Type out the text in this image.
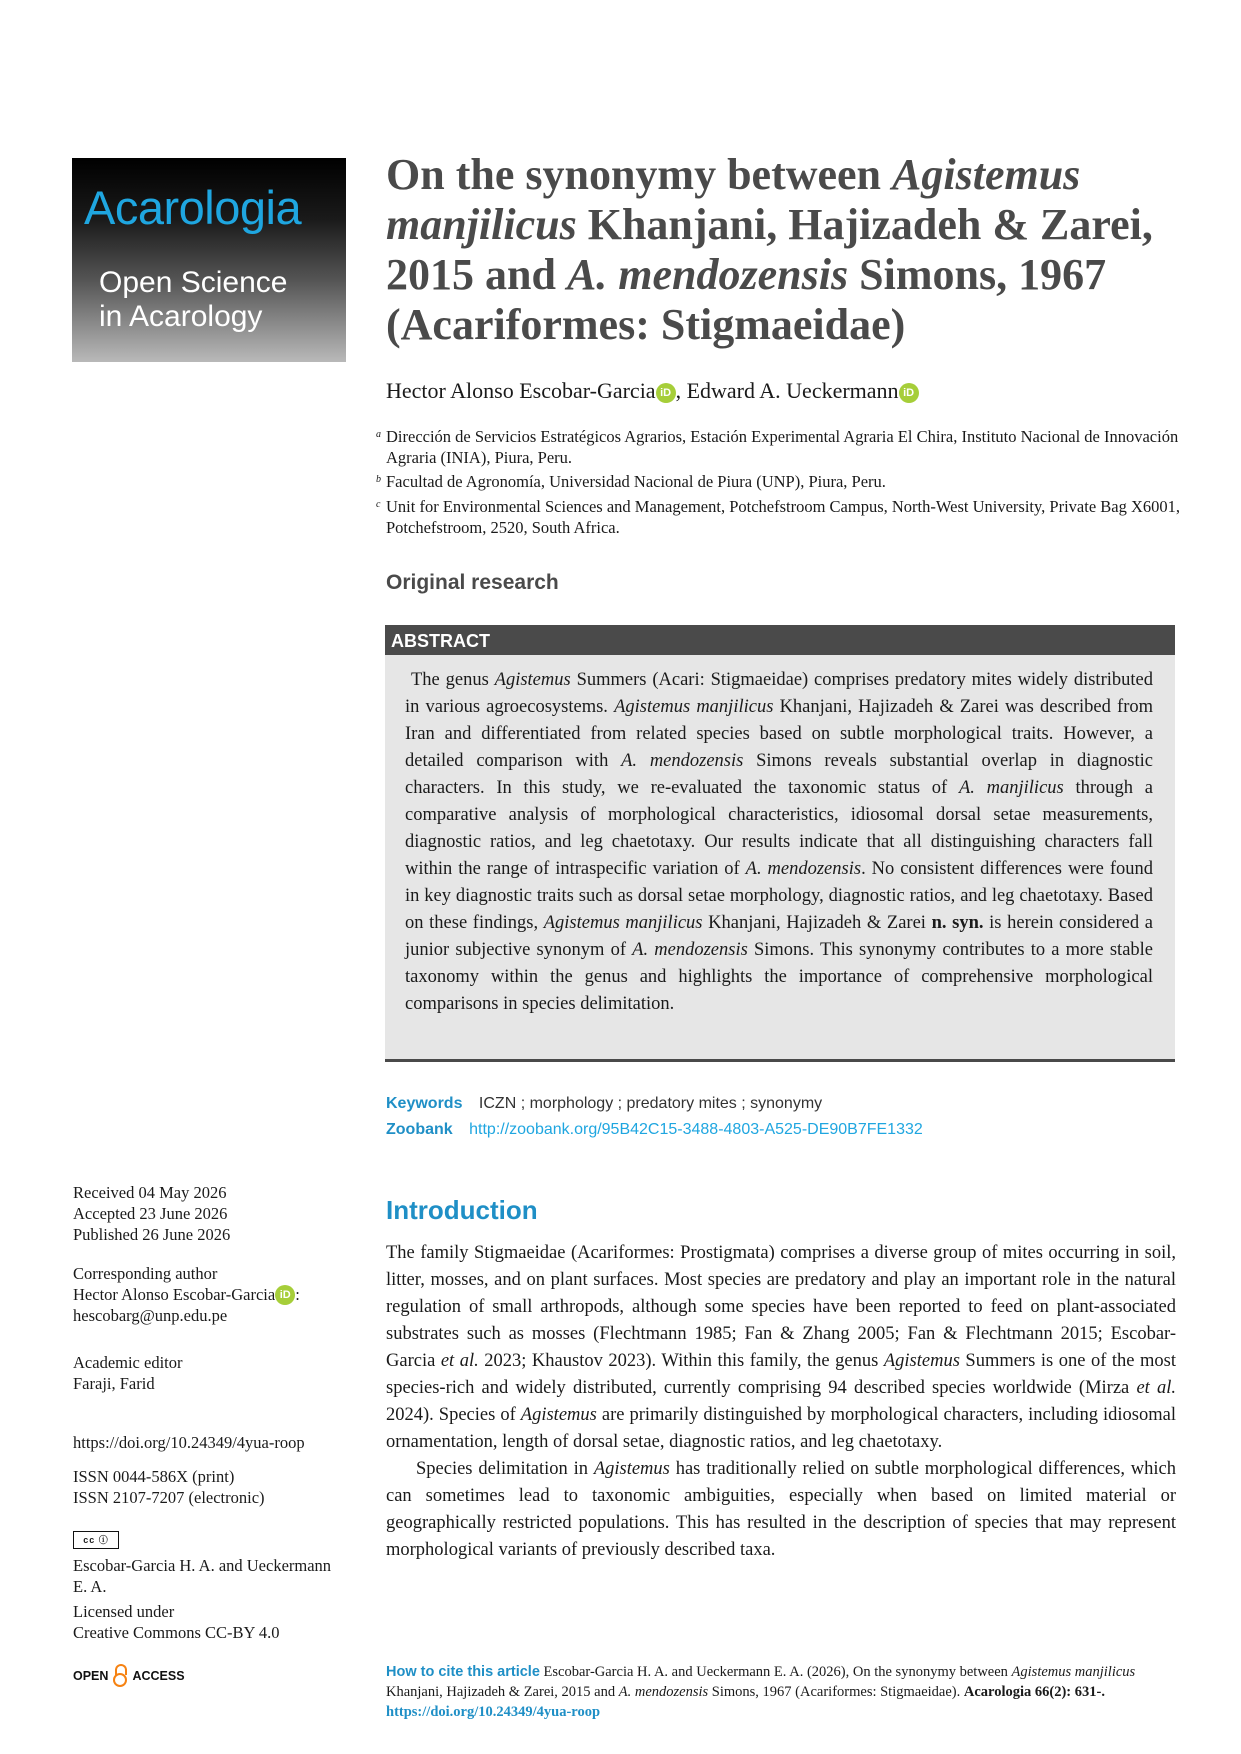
Acarologia
Open Science
in Acarology
On the synonymy between Agistemus manjilicus Khanjani, Hajizadeh & Zarei, 2015 and A. mendozensis Simons, 1967 (Acariformes: Stigmaeidae)
Hector Alonso Escobar-Garcia iD , Edward A. Ueckermann iD
a Dirección de Servicios Estratégicos Agrarios, Estación Experimental Agraria El Chira, Instituto Nacional de Innovación Agraria (INIA), Piura, Peru.
b Facultad de Agronomía, Universidad Nacional de Piura (UNP), Piura, Peru.
c Unit for Environmental Sciences and Management, Potchefstroom Campus, North-West University, Private Bag X6001, Potchefstroom, 2520, South Africa.
Original research
ABSTRACT

The genus Agistemus Summers (Acari: Stigmaeidae) comprises predatory mites widely distributed in various agroecosystems. Agistemus manjilicus Khanjani, Hajizadeh & Zarei was described from Iran and differentiated from related species based on subtle morphological traits. However, a detailed comparison with A. mendozensis Simons reveals substantial overlap in diagnostic characters. In this study, we re-evaluated the taxonomic status of A. manjilicus through a comparative analysis of morphological characteristics, idiosomal dorsal setae measurements, diagnostic ratios, and leg chaetotaxy. Our results indicate that all distinguishing characters fall within the range of intraspecific variation of A. mendozensis. No consistent differences were found in key diagnostic traits such as dorsal setae morphology, diagnostic ratios, and leg chaetotaxy. Based on these findings, Agistemus manjilicus Khanjani, Hajizadeh & Zarei n. syn. is herein considered a junior subjective synonym of A. mendozensis Simons. This synonymy contributes to a more stable taxonomy within the genus and highlights the importance of comprehensive morphological comparisons in species delimitation.

Keywords ICZN ; morphology ; predatory mites ; synonymy
Zoobank http://zoobank.org/95B42C15-3488-4803-A525-DE90B7FE1332
Received 04 May 2026
Accepted 23 June 2026
Published 26 June 2026
Corresponding author
Hector Alonso Escobar-Garcia iD :
hescobarg@unp.edu.pe
Academic editor
Faraji, Farid
https://doi.org/10.24349/4yua-roop
ISSN 0044-586X (print)
ISSN 2107-7207 (electronic)
cc ⓘ
Escobar-Garcia H. A. and Ueckermann
E. A.
Licensed under
Creative Commons CC-BY 4.0
OPEN ACCESS
Introduction

The family Stigmaeidae (Acariformes: Prostigmata) comprises a diverse group of mites occurring in soil, litter, mosses, and on plant surfaces. Most species are predatory and play an important role in the natural regulation of small arthropods, although some species have been reported to feed on plant-associated substrates such as mosses (Flechtmann 1985; Fan & Zhang 2005; Fan & Flechtmann 2015; Escobar-Garcia et al. 2023; Khaustov 2023). Within this family, the genus Agistemus Summers is one of the most species-rich and widely distributed, currently comprising 94 described species worldwide (Mirza et al. 2024). Species of Agistemus are primarily distinguished by morphological characters, including idiosomal ornamentation, length of dorsal setae, diagnostic ratios, and leg chaetotaxy.

Species delimitation in Agistemus has traditionally relied on subtle morphological differences, which can sometimes lead to taxonomic ambiguities, especially when based on limited material or geographically restricted populations. This has resulted in the description of species that may represent morphological variants of previously described taxa.

How to cite this article Escobar-Garcia H. A. and Ueckermann E. A. (2026), On the synonymy between Agistemus manjilicus Khanjani, Hajizadeh & Zarei, 2015 and A. mendozensis Simons, 1967 (Acariformes: Stigmaeidae). Acarologia 66(2): 631-. https://doi.org/10.24349/4yua-roop
